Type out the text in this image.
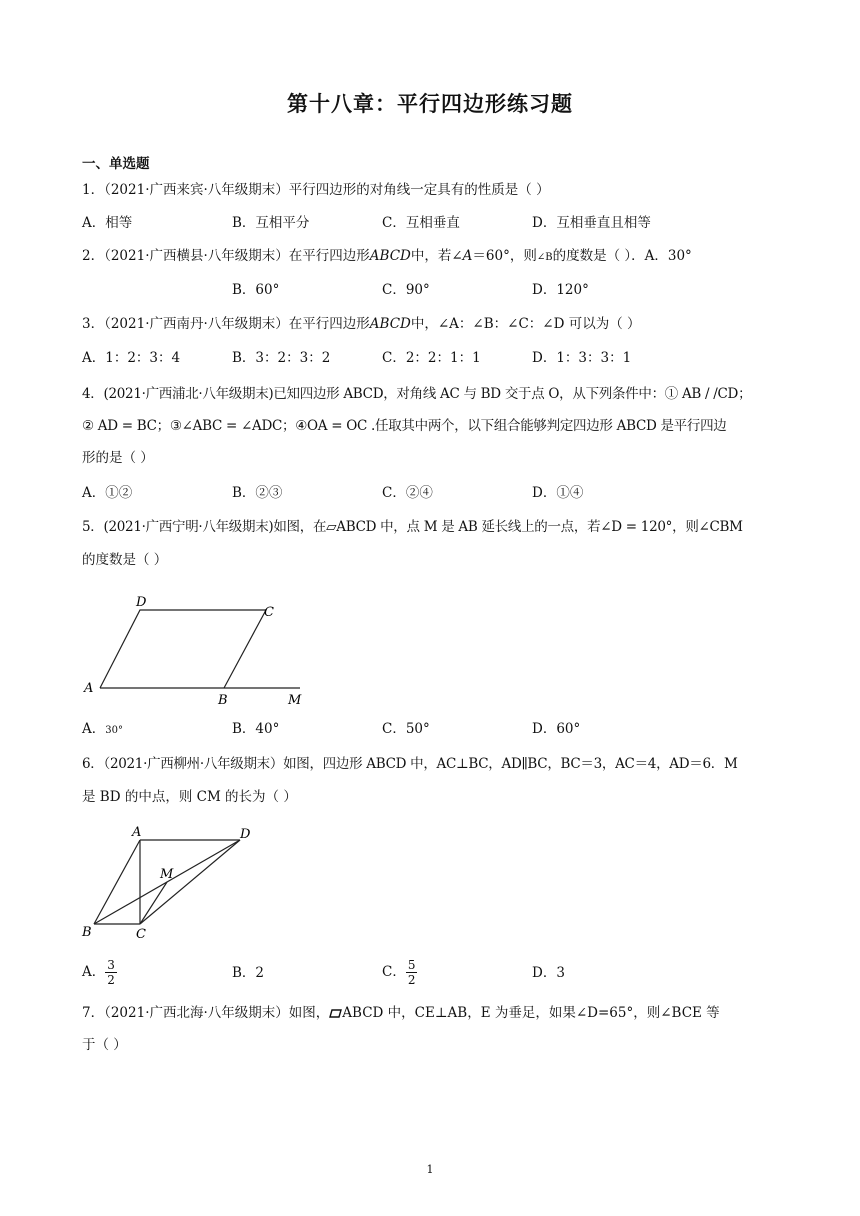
第十八章：平行四边形练习题
一、单选题
1．（2021·广西来宾·八年级期末）平行四边形的对角线一定具有的性质是（ ）
A．相等	B．互相平分	C．互相垂直	D．互相垂直且相等
2．（2021·广西横县·八年级期末）在平行四边形ABCD中，若∠A＝60°，则∠B的度数是（ ）．A．30°
B．60°	C．90°	D．120°
3．（2021·广西南丹·八年级期末）在平行四边形ABCD中，∠A：∠B：∠C：∠D 可以为（ ）
A．1：2：3：4	B．3：2：3：2	C．2：2：1：1	D．1：3：3：1
4．(2021·广西浦北·八年级期末)已知四边形 ABCD，对角线 AC 与 BD 交于点 O，从下列条件中：① AB / /CD；
② AD = BC；③∠ABC = ∠ADC；④OA = OC .任取其中两个，以下组合能够判定四边形 ABCD 是平行四边
形的是（ ）
A．①②	B．②③	C．②④	D．①④
5．(2021·广西宁明·八年级期末)如图，在▱ABCD 中，点 M 是 AB 延长线上的一点，若∠D = 120°，则∠CBM
的度数是（ ）
D
C
A
B	M
A．30°	B．40°	C．50°	D．60°
6．（2021·广西柳州·八年级期末）如图，四边形 ABCD 中，AC⊥BC，AD∥BC，BC＝3，AC＝4，AD＝6．M
是 BD 的中点，则 CM 的长为（ ）
A	D
M
B	C
A． $\frac{3}{2}$	B．2	C． $\frac{5}{2}$	D．3
7．（2021·广西北海·八年级期末）如图， ABCD 中，CE⊥AB，E 为垂足，如果∠D=65°，则∠BCE 等
于（ ）
1
